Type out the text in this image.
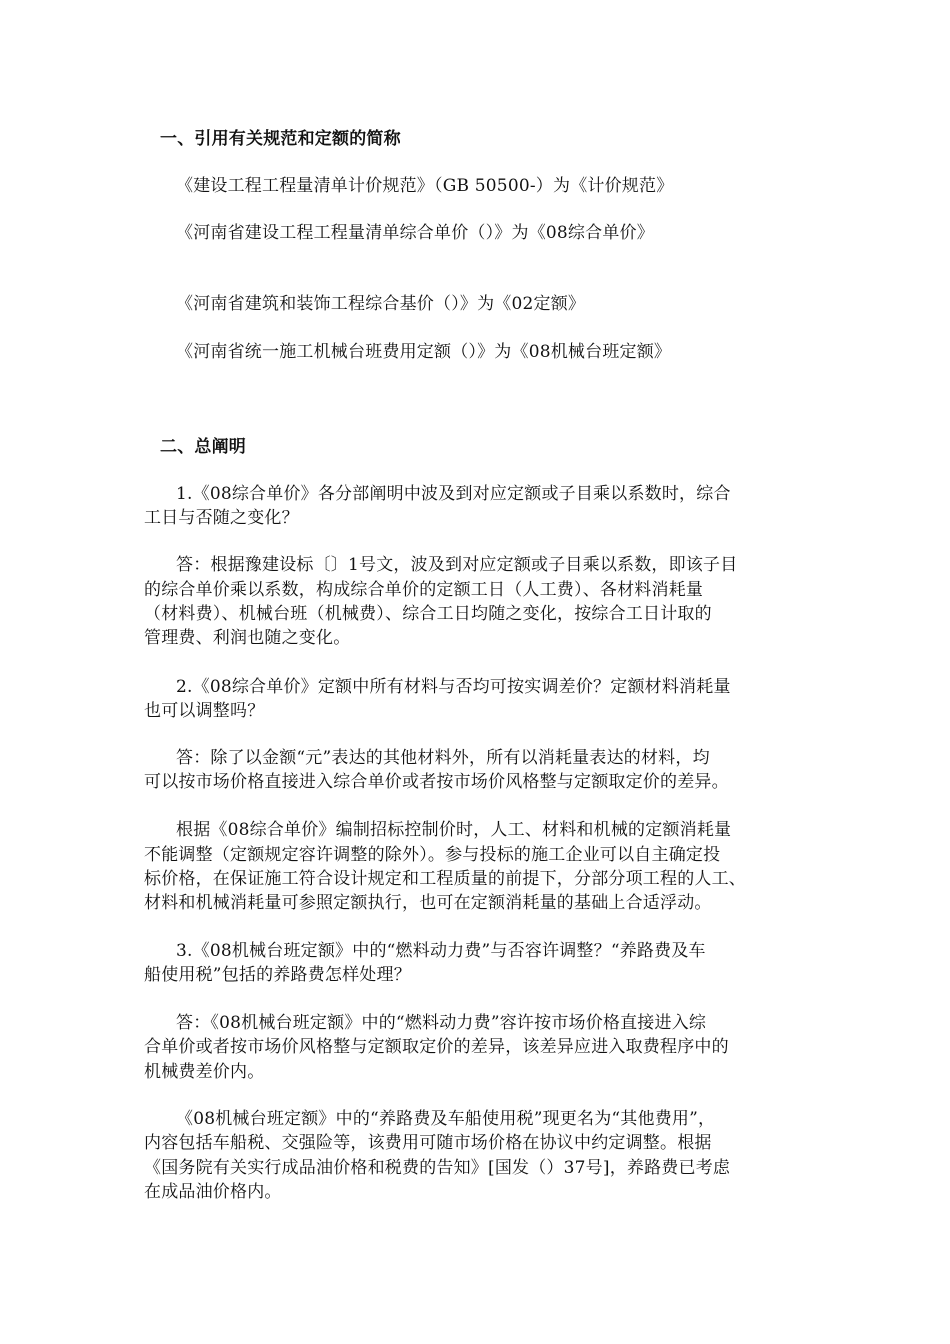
一、引用有关规范和定额的简称
《建设工程工程量清单计价规范》（GB 50500-）为《计价规范》
《河南省建设工程工程量清单综合单价（）》为《08综合单价》
《河南省建筑和装饰工程综合基价（）》为《02定额》
《河南省统一施工机械台班费用定额（）》为《08机械台班定额》
二、总阐明
1.《08综合单价》各分部阐明中波及到对应定额或子目乘以系数时，综合
工日与否随之变化？
答：根据豫建设标〔〕1号文，波及到对应定额或子目乘以系数，即该子目
的综合单价乘以系数，构成综合单价的定额工日（人工费）、各材料消耗量
（材料费）、机械台班（机械费）、综合工日均随之变化，按综合工日计取的
管理费、利润也随之变化。
2.《08综合单价》定额中所有材料与否均可按实调差价？定额材料消耗量
也可以调整吗？
答：除了以金额“元”表达的其他材料外，所有以消耗量表达的材料，均
可以按市场价格直接进入综合单价或者按市场价风格整与定额取定价的差异。
根据《08综合单价》编制招标控制价时，人工、材料和机械的定额消耗量
不能调整（定额规定容许调整的除外）。参与投标的施工企业可以自主确定投
标价格，在保证施工符合设计规定和工程质量的前提下，分部分项工程的人工、
材料和机械消耗量可参照定额执行，也可在定额消耗量的基础上合适浮动。
3.《08机械台班定额》中的“燃料动力费”与否容许调整？“养路费及车
船使用税”包括的养路费怎样处理？
答：《08机械台班定额》中的“燃料动力费”容许按市场价格直接进入综
合单价或者按市场价风格整与定额取定价的差异，该差异应进入取费程序中的
机械费差价内。
《08机械台班定额》中的“养路费及车船使用税”现更名为“其他费用”，
内容包括车船税、交强险等，该费用可随市场价格在协议中约定调整。根据
《国务院有关实行成品油价格和税费的告知》[国发（）37号]，养路费已考虑
在成品油价格内。
